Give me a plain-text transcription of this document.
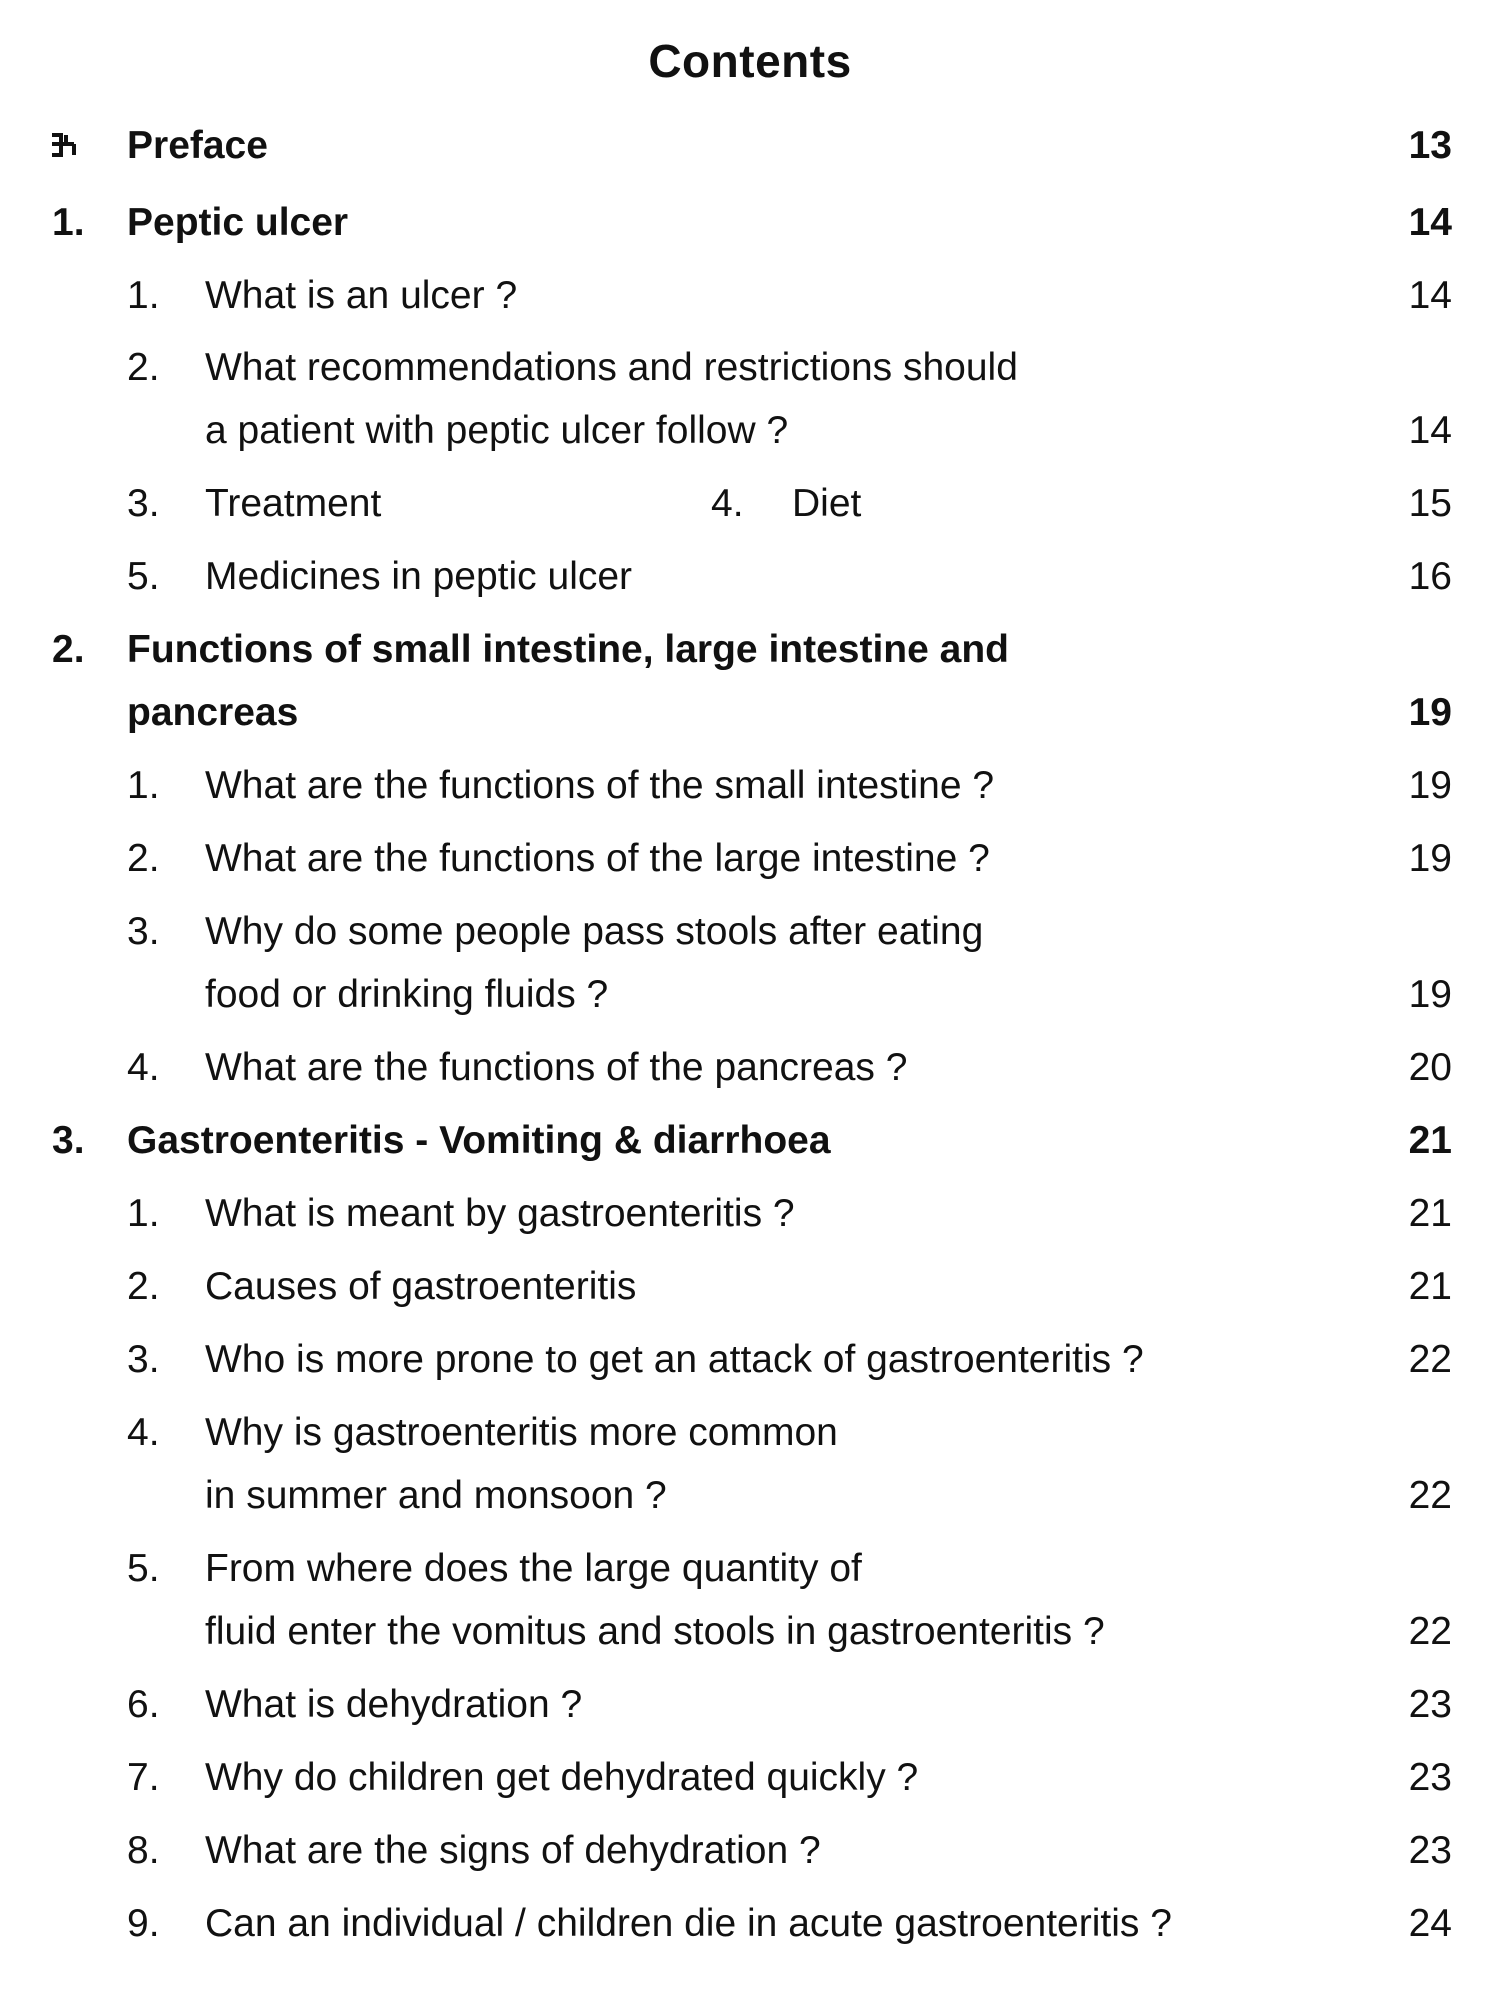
Contents
Preface	13
1. Peptic ulcer	14
1. What is an ulcer ?	14
2. What recommendations and restrictions should
a patient with peptic ulcer follow ?	14
3. Treatment	4. Diet	15
5. Medicines in peptic ulcer	16
2. Functions of small intestine, large intestine and
pancreas	19
1. What are the functions of the small intestine ?	19
2. What are the functions of the large intestine ?	19
3. Why do some people pass stools after eating
food or drinking fluids ?	19
4. What are the functions of the pancreas ?	20
3. Gastroenteritis - Vomiting & diarrhoea	21
1. What is meant by gastroenteritis ?	21
2. Causes of gastroenteritis	21
3. Who is more prone to get an attack of gastroenteritis ?	22
4. Why is gastroenteritis more common
in summer and monsoon ?	22
5. From where does the large quantity of
fluid enter the vomitus and stools in gastroenteritis ?	22
6. What is dehydration ?	23
7. Why do children get dehydrated quickly ?	23
8. What are the signs of dehydration ?	23
9. Can an individual / children die in acute gastroenteritis ?	24
